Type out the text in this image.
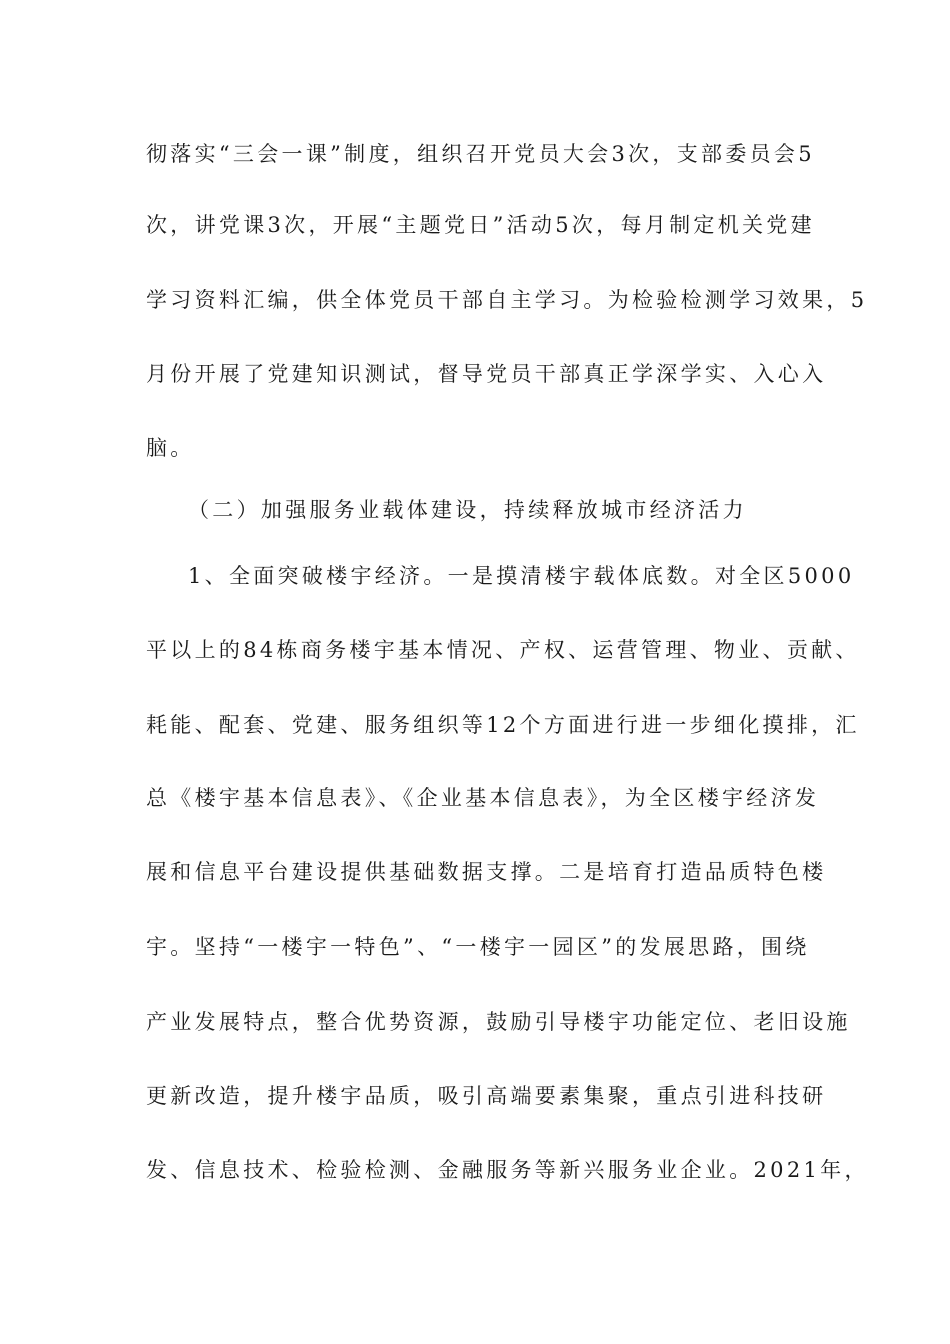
彻落实“三会一课”制度，组织召开党员大会3次，支部委员会5
次，讲党课3次，开展“主题党日”活动5次，每月制定机关党建
学习资料汇编，供全体党员干部自主学习。为检验检测学习效果，5
月份开展了党建知识测试，督导党员干部真正学深学实、入心入
脑。
（二）加强服务业载体建设，持续释放城市经济活力
1、全面突破楼宇经济。一是摸清楼宇载体底数。对全区5000
平以上的84栋商务楼宇基本情况、产权、运营管理、物业、贡献、
耗能、配套、党建、服务组织等12个方面进行进一步细化摸排，汇
总《楼宇基本信息表》、《企业基本信息表》，为全区楼宇经济发
展和信息平台建设提供基础数据支撑。二是培育打造品质特色楼
宇。坚持“一楼宇一特色”、“一楼宇一园区”的发展思路，围绕
产业发展特点，整合优势资源，鼓励引导楼宇功能定位、老旧设施
更新改造，提升楼宇品质，吸引高端要素集聚，重点引进科技研
发、信息技术、检验检测、金融服务等新兴服务业企业。2021年，
